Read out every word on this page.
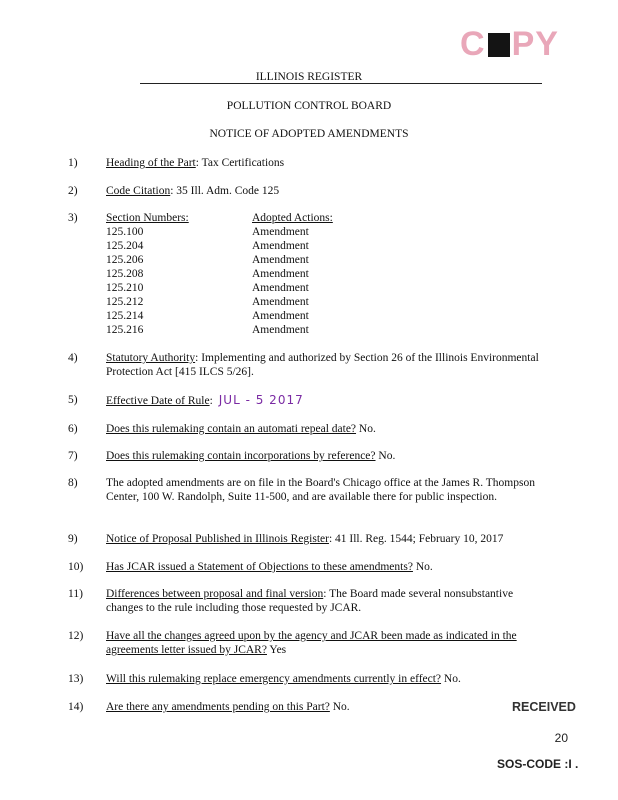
C PY
ILLINOIS REGISTER
POLLUTION CONTROL BOARD
NOTICE OF ADOPTED AMENDMENTS
1)	Heading of the Part: Tax Certifications
2)	Code Citation: 35 Ill. Adm. Code 125
3)	Section Numbers:	Adopted Actions:
125.100	Amendment
125.204	Amendment
125.206	Amendment
125.208	Amendment
125.210	Amendment
125.212	Amendment
125.214	Amendment
125.216	Amendment
4)	Statutory Authority: Implementing and authorized by Section 26 of the Illinois Environmental Protection Act [415 ILCS 5/26].
5)	Effective Date of Rule: JUL - 5 2017
6)	Does this rulemaking contain an automati repeal date? No.
7)	Does this rulemaking contain incorporations by reference? No.
8)	The adopted amendments are on file in the Board's Chicago office at the James R. Thompson Center, 100 W. Randolph, Suite 11-500, and are available there for public inspection.
9)	Notice of Proposal Published in Illinois Register: 41 Ill. Reg. 1544; February 10, 2017
10)	Has JCAR issued a Statement of Objections to these amendments? No.
11)	Differences between proposal and final version: The Board made several nonsubstantive changes to the rule including those requested by JCAR.
12)	Have all the changes agreed upon by the agency and JCAR been made as indicated in the agreements letter issued by JCAR? Yes
13)	Will this rulemaking replace emergency amendments currently in effect? No.
14)	Are there any amendments pending on this Part? No.	RECEIVED
20
SOS-CODE :I .
